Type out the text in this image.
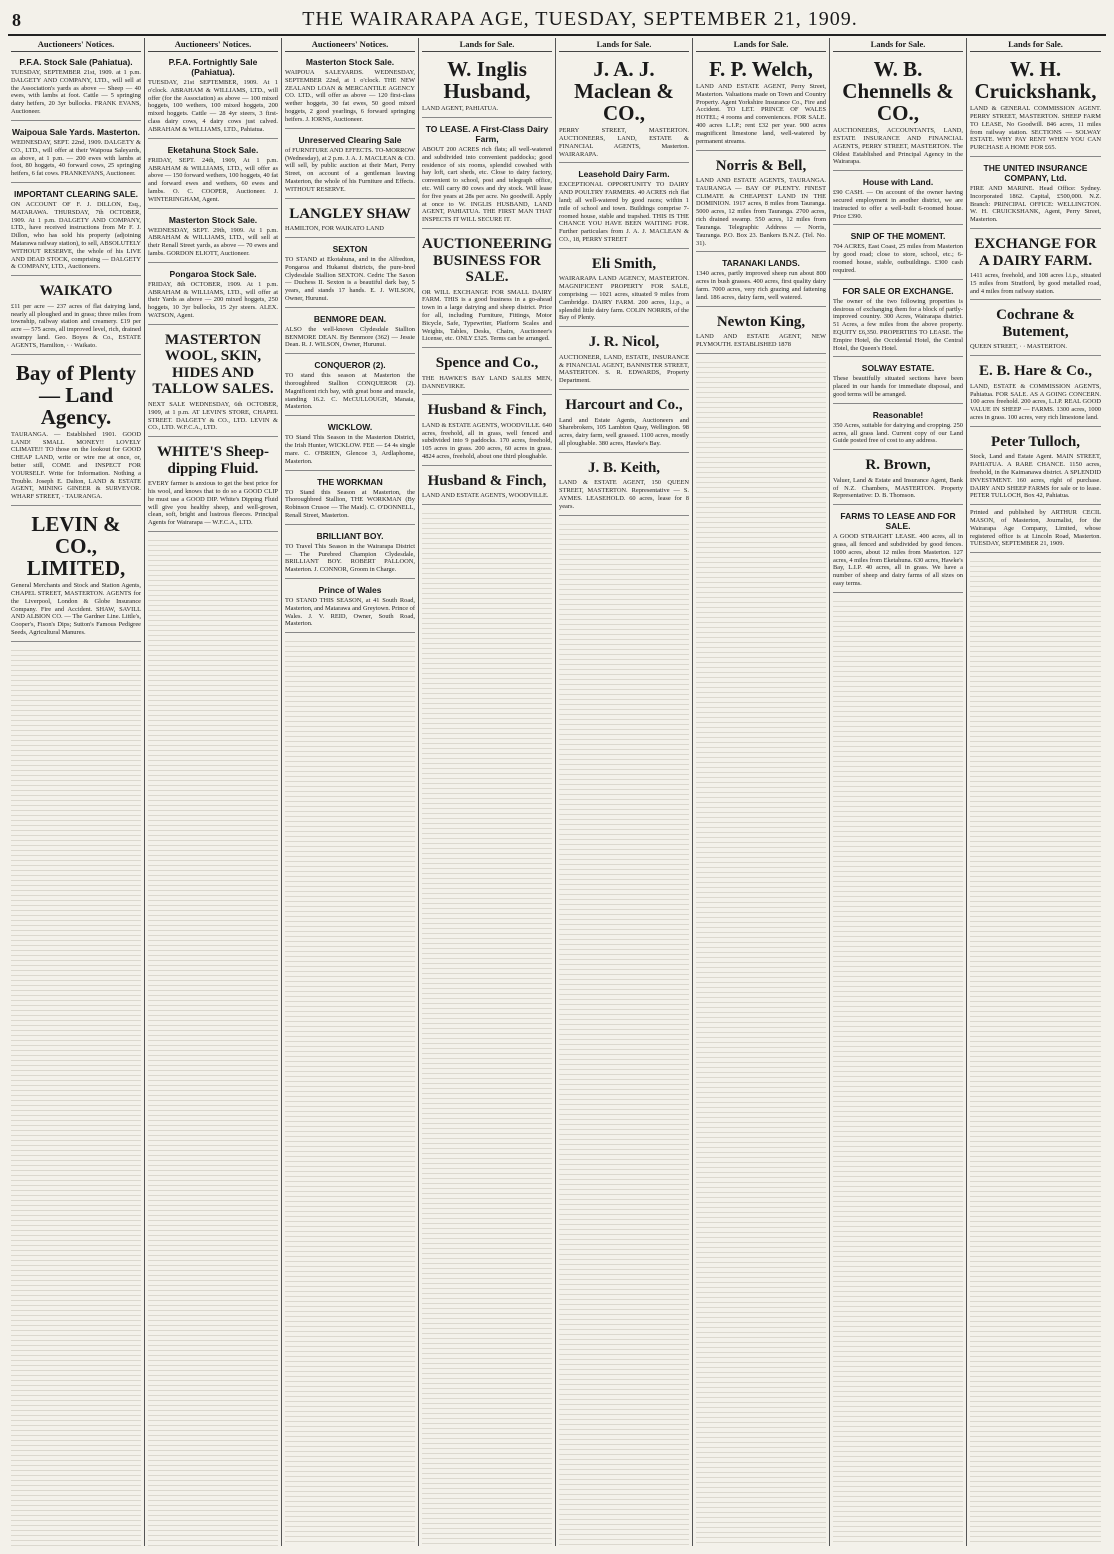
8	THE WAIRARAPA AGE, TUESDAY, SEPTEMBER 21, 1909.
Auctioneers' Notices.
P.F.A. Stock Sale (Pahiatua).
TUESDAY, SEPTEMBER 21st, 1909. at 1 p.m. DALGETY AND COMPANY, LTD., will sell at the Association's yards as above — Sheep — 40 ewes, with lambs at foot. Cattle — 5 springing dairy heifers, 20 3yr bullocks. FRANK EVANS, Auctioneer.
Waipoua Sale Yards. Masterton.
WEDNESDAY, SEPT. 22nd, 1909. DALGETY & CO., LTD., will offer at their Waipoua Saleyards, as above, at 1 p.m. — 200 ewes with lambs at foot, 80 hoggets, 40 forward cows, 25 springing heifers, 6 fat cows. FRANKEVANS, Auctioneer.
IMPORTANT CLEARING SALE.
ON ACCOUNT OF F. J. DILLON, Esq., MATARAWA. THURSDAY, 7th OCTOBER, 1909. At 1 p.m. DALGETY AND COMPANY, LTD., have received instructions from Mr F. J. Dillon, who has sold his property (adjoining Matarawa railway station), to sell, ABSOLUTELY WITHOUT RESERVE, the whole of his LIVE AND DEAD STOCK, comprising — DALGETY & COMPANY, LTD., Auctioneers.
WAIKATO
£11 per acre — 237 acres of flat dairying land, nearly all ploughed and in grass; three miles from township, railway station and creamery. £19 per acre — 575 acres, all improved level, rich, drained swampy land. Geo. Boyes & Co., ESTATE AGENTS, Hamilton, · · Waikato.
Bay of Plenty — Land Agency.
TAURANGA. — Established 1901. GOOD LAND! SMALL MONEY!! LOVELY CLIMATE!! TO those on the lookout for GOOD CHEAP LAND, write or wire me at once, or, better still, COME and INSPECT FOR YOURSELF. Write for Information. Nothing a Trouble. Joseph E. Dalton, LAND & ESTATE AGENT, MINING GINEER & SURVEYOR. WHARF STREET, · TAURANGA.
LEVIN & CO., LIMITED,
General Merchants and Stock and Station Agents, CHAPEL STREET, MASTERTON. AGENTS for the Liverpool, London & Globe Insurance Company. Fire and Accident. SHAW, SAVILL AND ALBION CO. — The Gardner Line. Little's, Cooper's, Fison's Dips; Sutton's Famous Pedigree Seeds, Agricultural Manures.
Auctioneers' Notices.
P.F.A. Fortnightly Sale (Pahiatua).
TUESDAY, 21st SEPTEMBER, 1909. At 1 o'clock. ABRAHAM & WILLIAMS, LTD., will offer (for the Association) as above — 100 mixed hoggets, 100 wethers, 100 mixed hoggets, 200 mixed hoggets. Cattle — 28 4yr steers, 3 first-class dairy cows, 4 dairy cows just calved. ABRAHAM & WILLIAMS, LTD., Pahiatua.
Eketahuna Stock Sale.
FRIDAY, SEPT. 24th, 1909, At 1 p.m. ABRAHAM & WILLIAMS, LTD., will offer as above — 150 forward wethers, 100 hoggets, 40 fat and forward ewes and wethers, 60 ewes and lambs. O. C. COOPER, Auctioneer. J. WINTERINGHAM, Agent.
Masterton Stock Sale.
WEDNESDAY, SEPT. 29th, 1909. At 1 p.m. ABRAHAM & WILLIAMS, LTD., will sell at their Renall Street yards, as above — 70 ewes and lambs. GORDON ELIOTT, Auctioneer.
Pongaroa Stock Sale.
FRIDAY, 8th OCTOBER, 1909. At 1 p.m. ABRAHAM & WILLIAMS, LTD., will offer at their Yards as above — 200 mixed hoggets, 250 hoggets, 10 3yr bullocks, 15 2yr steers. ALEX. WATSON, Agent.
MASTERTON WOOL, SKIN, HIDES AND TALLOW SALES.
NEXT SALE WEDNESDAY, 6th OCTOBER, 1909, at 1 p.m. AT LEVIN'S STORE, CHAPEL STREET. DALGETY & CO., LTD. LEVIN & CO., LTD. W.F.C.A., LTD.
WHITE'S Sheep-dipping Fluid.
EVERY farmer is anxious to get the best price for his wool, and knows that to do so a GOOD CLIP he must use a GOOD DIP. White's Dipping Fluid will give you healthy sheep, and well-grown, clean, soft, bright and lustrous fleeces. Principal Agents for Wairarapa — W.F.C.A., LTD.
Auctioneers' Notices.
Masterton Stock Sale.
WAIPOUA SALEYARDS. WEDNESDAY, SEPTEMBER 22nd, at 1 o'clock. THE NEW ZEALAND LOAN & MERCANTILE AGENCY CO. LTD., will offer as above — 120 first-class wether hoggets, 30 fat ewes, 50 good mixed hoggets, 2 good yearlings, 6 forward springing heifers. J. IORNS, Auctioneer.
Unreserved Clearing Sale
of FURNITURE AND EFFECTS. TO-MORROW (Wednesday), at 2 p.m. J. A. J. MACLEAN & CO. will sell, by public auction at their Mart, Perry Street, on account of a gentleman leaving Masterton, the whole of his Furniture and Effects. WITHOUT RESERVE.
LANGLEY SHAW
HAMILTON, FOR WAIKATO LAND
SEXTON
TO STAND at Ekotahuna, and in the Alfredton, Pongaroa and Hukanui districts, the pure-bred Clydesdale Stallion SEXTON. Cedric The Saxon — Duchess II. Sexton is a beautiful dark bay, 5 years, and stands 17 hands. E. J. WILSON, Owner, Hurunui.
BENMORE DEAN.
ALSO the well-known Clydesdale Stallion BENMORE DEAN. By Benmore (362) — Jessie Dean. R. J. WILSON, Owner, Hurunui.
CONQUEROR (2).
TO stand this season at Masterton the thoroughbred Stallion CONQUEROR (2). Magnificent rich bay, with great bone and muscle, standing 16.2. C. McCULLOUGH, Manaia, Masterton.
WICKLOW.
TO Stand This Season in the Masterton District, the Irish Hunter, WICKLOW. FEE — £4 4s single mare. C. O'BRIEN, Glencoe 3, Ardlaphome, Masterton.
THE WORKMAN
TO Stand this Season at Masterton, the Thoroughbred Stallion, THE WORKMAN (By Robinson Crusoe — The Maid). C. O'DONNELL, Renall Street, Masterton.
BRILLIANT BOY.
TO Travel This Season in the Wairarapa District — The Purebred Champion Clydesdale, BRILLIANT BOY. ROBERT PALLOON, Masterton. J. CONNOR, Groom in Charge.
Prince of Wales
TO STAND THIS SEASON, at 41 South Road, Masterton, and Matarawa and Greytown. Prince of Wales. J. V. REID, Owner, South Road, Masterton.
Lands for Sale.
W. Inglis Husband,
LAND AGENT, PAHIATUA.
TO LEASE. A First-Class Dairy Farm,
ABOUT 200 ACRES rich flats; all well-watered and subdivided into convenient paddocks; good residence of six rooms, splendid cowshed with hay loft, cart sheds, etc. Close to dairy factory, convenient to school, post and telegraph office, etc. Will carry 80 cows and dry stock. Will lease for five years at 28s per acre. No goodwill. Apply at once to W. INGLIS HUSBAND, LAND AGENT, PAHIATUA. THE FIRST MAN THAT INSPECTS IT WILL SECURE IT.
AUCTIONEERING BUSINESS FOR SALE.
OR WILL EXCHANGE FOR SMALL DAIRY FARM. THIS is a good business in a go-ahead town in a large dairying and sheep district. Price for all, including Furniture, Fittings, Motor Bicycle, Safe, Typewriter, Platform Scales and Weights, Tables, Desks, Chairs, Auctioneer's License, etc. ONLY £325. Terms can be arranged.
Spence and Co.,
THE HAWKE'S BAY LAND SALES MEN, DANNEVIRKE.
Husband & Finch,
LAND & ESTATE AGENTS, WOODVILLE. 640 acres, freehold, all in grass, well fenced and subdivided into 9 paddocks. 170 acres, freehold, 105 acres in grass. 200 acres, 60 acres in grass. 4824 acres, freehold, about one third ploughable.
Husband & Finch,
LAND AND ESTATE AGENTS, WOODVILLE.
Lands for Sale.
J. A. J. Maclean & CO.,
PERRY STREET, MASTERTON. AUCTIONEERS, LAND, ESTATE & FINANCIAL AGENTS, Masterton. WAIRARAPA.
Leasehold Dairy Farm.
EXCEPTIONAL OPPORTUNITY TO DAIRY AND POULTRY FARMERS. 40 ACRES rich flat land; all well-watered by good races; within 1 mile of school and town. Buildings comprise 7-roomed house, stable and trapshed. THIS IS THE CHANCE YOU HAVE BEEN WAITING FOR. Further particulars from J. A. J. MACLEAN & CO., 18, PERRY STREET
Eli Smith,
WAIRARAPA LAND AGENCY, MASTERTON. MAGNIFICENT PROPERTY FOR SALE, comprising — 1021 acres, situated 9 miles from Cambridge. DAIRY FARM. 200 acres, l.i.p., a splendid little dairy farm. COLIN NORRIS, of the Bay of Plenty.
J. R. Nicol,
AUCTIONEER, LAND, ESTATE, INSURANCE & FINANCIAL AGENT, BANNISTER STREET, MASTERTON. S. R. EDWARDS, Property Department.
Harcourt and Co.,
Land and Estate Agents, Auctioneers and Sharebrokers, 105 Lambton Quay, Wellington. 98 acres, dairy farm, well grassed. 1100 acres, mostly all ploughable. 380 acres, Hawke's Bay.
J. B. Keith,
LAND & ESTATE AGENT, 150 QUEEN STREET, MASTERTON. Representative — S. AYMES. LEASEHOLD. 60 acres, lease for 8 years.
Lands for Sale.
F. P. Welch,
LAND AND ESTATE AGENT, Perry Street, Masterton. Valuations made on Town and Country Property. Agent Yorkshire Insurance Co., Fire and Accident. TO LET. PRINCE OF WALES HOTEL; 4 rooms and conveniences. FOR SALE. 400 acres L.I.P.; rent £32 per year. 900 acres magnificent limestone land, well-watered by permanent streams.
Norris & Bell,
LAND AND ESTATE AGENTS, TAURANGA. TAURANGA — BAY OF PLENTY. FINEST CLIMATE & CHEAPEST LAND IN THE DOMINION. 1917 acres, 8 miles from Tauranga. 5000 acres, 12 miles from Tauranga. 2700 acres, rich drained swamp. 550 acres, 12 miles from Tauranga. Telegraphic Address — Norris, Tauranga. P.O. Box 23. Bankers B.N.Z. (Tel. No. 31).
TARANAKI LANDS.
1340 acres, partly improved sheep run about 800 acres in bush grasses. 400 acres, first quality dairy farm. 7000 acres, very rich grazing and fattening land. 186 acres, dairy farm, well watered.
Newton King,
LAND AND ESTATE AGENT, NEW PLYMOUTH. ESTABLISHED 1878
Lands for Sale.
W. B. Chennells & CO.,
AUCTIONEERS, ACCOUNTANTS, LAND, ESTATE INSURANCE AND FINANCIAL AGENTS, PERRY STREET, MASTERTON. The Oldest Established and Principal Agency in the Wairarapa.
House with Land.
£90 CASH. — On account of the owner having secured employment in another district, we are instructed to offer a well-built 6-roomed house. Price £390.
SNIP OF THE MOMENT.
704 ACRES, East Coast, 25 miles from Masterton by good road; close to store, school, etc.; 6-roomed house, stable, outbuildings. £300 cash required.
FOR SALE OR EXCHANGE.
The owner of the two following properties is desirous of exchanging them for a block of partly-improved country. 300 Acres, Wairarapa district. 51 Acres, a few miles from the above property. EQUITY £6,350. PROPERTIES TO LEASE. The Empire Hotel, the Occidental Hotel, the Central Hotel, the Queen's Hotel.
SOLWAY ESTATE.
These beautifully situated sections have been placed in our hands for immediate disposal, and good terms will be arranged.
Reasonable!
350 Acres, suitable for dairying and cropping. 250 acres, all grass land. Current copy of our Land Guide posted free of cost to any address.
R. Brown,
Valuer, Land & Estate and Insurance Agent, Bank of N.Z. Chambers, MASTERTON. Property Representative: D. B. Thomson.
FARMS TO LEASE AND FOR SALE.
A GOOD STRAIGHT LEASE. 400 acres, all in grass, all fenced and subdivided by good fences. 1000 acres, about 12 miles from Masterton. 127 acres, 4 miles from Eketahuna. 630 acres, Hawke's Bay, L.I.P. 40 acres, all in grass. We have a number of sheep and dairy farms of all sizes on easy terms.
Lands for Sale.
W. H. Cruickshank,
LAND & GENERAL COMMISSION AGENT. PERRY STREET, MASTERTON. SHEEP FARM TO LEASE, No Goodwill. 846 acres, 11 miles from railway station. SECTIONS — SOLWAY ESTATE. WHY PAY RENT WHEN YOU CAN PURCHASE A HOME FOR £65.
THE UNITED INSURANCE COMPANY, Ltd.
FIRE AND MARINE. Head Office: Sydney. Incorporated 1862. Capital, £500,000. N.Z. Branch: PRINCIPAL OFFICE: WELLINGTON. W. H. CRUICKSHANK, Agent, Perry Street, Masterton.
EXCHANGE FOR A DAIRY FARM.
1411 acres, freehold, and 108 acres l.i.p., situated 15 miles from Stratford, by good metalled road, and 4 miles from railway station.
Cochrane & Butement,
QUEEN STREET, · · MASTERTON.
E. B. Hare & Co.,
LAND, ESTATE & COMMISSION AGENTS, Pahiatua. FOR SALE. AS A GOING CONCERN. 100 acres freehold. 200 acres, L.I.P. REAL GOOD VALUE IN SHEEP — FARMS. 1300 acres, 1000 acres in grass. 100 acres, very rich limestone land.
Peter Tulloch,
Stock, Land and Estate Agent. MAIN STREET, PAHIATUA. A RARE CHANCE. 1150 acres, freehold, in the Kaimanawa district. A SPLENDID INVESTMENT. 160 acres, right of purchase. DAIRY AND SHEEP FARMS for sale or to lease. PETER TULLOCH, Box 42, Pahiatua.
Printed and published by ARTHUR CECIL MASON, of Masterton, Journalist, for the Wairarapa Age Company, Limited, whose registered office is at Lincoln Road, Masterton. TUESDAY, SEPTEMBER 21, 1909.
